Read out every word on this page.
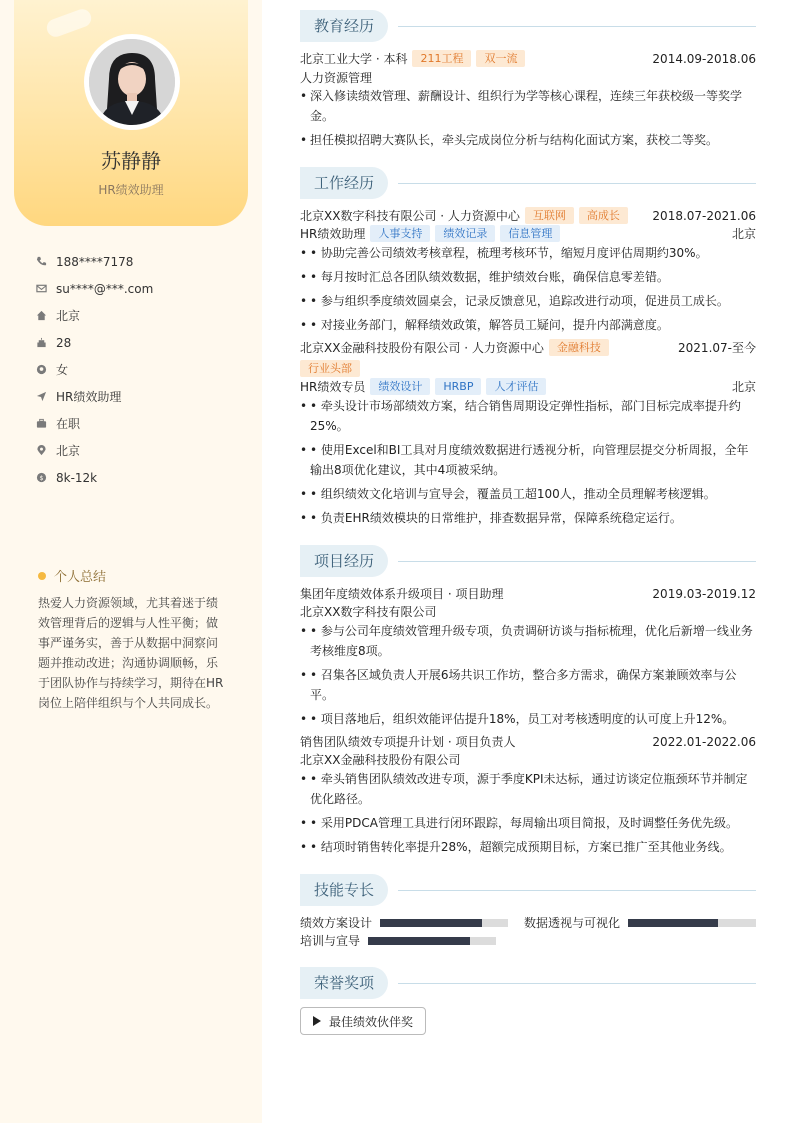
苏静静
HR绩效助理
188****7178
su****@***.com
北京
28
女
HR绩效助理
在职
北京
$ 8k-12k
个人总结
热爱人力资源领域，尤其着迷于绩效管理背后的逻辑与人性平衡；做事严谨务实，善于从数据中洞察问题并推动改进；沟通协调顺畅，乐于团队协作与持续学习，期待在HR岗位上陪伴组织与个人共同成长。
教育经历
北京工业大学 · 本科	211工程	双一流	2014.09-2018.06
人力资源管理
• 深入修读绩效管理、薪酬设计、组织行为学等核心课程，连续三年获校级一等奖学金。
• 担任模拟招聘大赛队长，牵头完成岗位分析与结构化面试方案，获校二等奖。
工作经历
北京XX数字科技有限公司 · 人力资源中心	互联网	高成长	2018.07-2021.06
HR绩效助理	人事支持	绩效记录	信息管理	北京
• • 协助完善公司绩效考核章程，梳理考核环节，缩短月度评估周期约30%。
• • 每月按时汇总各团队绩效数据，维护绩效台账，确保信息零差错。
• • 参与组织季度绩效圆桌会，记录反馈意见，追踪改进行动项，促进员工成长。
• • 对接业务部门，解释绩效政策，解答员工疑问，提升内部满意度。
北京XX金融科技股份有限公司 · 人力资源中心	金融科技	2021.07-至今
行业头部
HR绩效专员	绩效设计	HRBP	人才评估	北京
• • 牵头设计市场部绩效方案，结合销售周期设定弹性指标，部门目标完成率提升约25%。
• • 使用Excel和BI工具对月度绩效数据进行透视分析，向管理层提交分析周报，全年输出8项优化建议，其中4项被采纳。
• • 组织绩效文化培训与宣导会，覆盖员工超100人，推动全员理解考核逻辑。
• • 负责EHR绩效模块的日常维护，排查数据异常，保障系统稳定运行。
项目经历
集团年度绩效体系升级项目 · 项目助理	2019.03-2019.12
北京XX数字科技有限公司
• • 参与公司年度绩效管理升级专项，负责调研访谈与指标梳理，优化后新增一线业务考核维度8项。
• • 召集各区域负责人开展6场共识工作坊，整合多方需求，确保方案兼顾效率与公平。
• • 项目落地后，组织效能评估提升18%，员工对考核透明度的认可度上升12%。
销售团队绩效专项提升计划 · 项目负责人	2022.01-2022.06
北京XX金融科技股份有限公司
• • 牵头销售团队绩效改进专项，源于季度KPI未达标，通过访谈定位瓶颈环节并制定优化路径。
• • 采用PDCA管理工具进行闭环跟踪，每周输出项目简报，及时调整任务优先级。
• • 结项时销售转化率提升28%，超额完成预期目标，方案已推广至其他业务线。
技能专长
绩效方案设计	数据透视与可视化
培训与宣导
荣誉奖项
最佳绩效伙伴奖
